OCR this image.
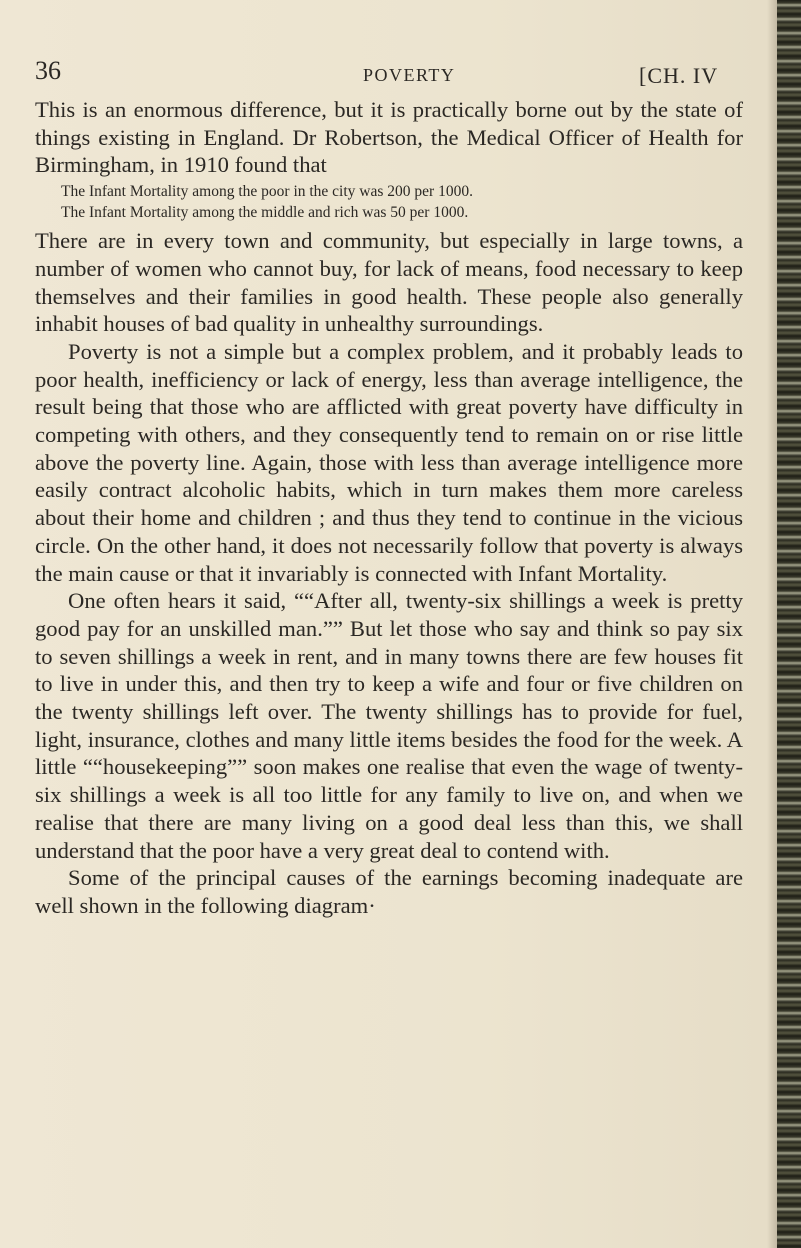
36	POVERTY	[CH. IV

This is an enormous difference, but it is practically borne out by the state of things existing in England. Dr Robertson, the Medical Officer of Health for Birmingham, in 1910 found that

The Infant Mortality among the poor in the city was 200 per 1000.
The Infant Mortality among the middle and rich was 50 per 1000.

There are in every town and community, but especially in large towns, a number of women who cannot buy, for lack of means, food necessary to keep themselves and their families in good health. These people also generally inhabit houses of bad quality in unhealthy surroundings.

Poverty is not a simple but a complex problem, and it probably leads to poor health, inefficiency or lack of energy, less than average intelligence, the result being that those who are afflicted with great poverty have difficulty in competing with others, and they consequently tend to remain on or rise little above the poverty line. Again, those with less than average intelligence more easily contract alcoholic habits, which in turn makes them more careless about their home and children ; and thus they tend to continue in the vicious circle. On the other hand, it does not necessarily follow that poverty is always the main cause or that it invariably is connected with Infant Mortality.

One often hears it said, ““After all, twenty-six shillings a week is pretty good pay for an unskilled man.”” But let those who say and think so pay six to seven shillings a week in rent, and in many towns there are few houses fit to live in under this, and then try to keep a wife and four or five children on the twenty shillings left over. The twenty shillings has to provide for fuel, light, insurance, clothes and many little items besides the food for the week. A little ““housekeeping”” soon makes one realise that even the wage of twenty-six shillings a week is all too little for any family to live on, and when we realise that there are many living on a good deal less than this, we shall understand that the poor have a very great deal to contend with.

Some of the principal causes of the earnings becoming inadequate are well shown in the following diagram·
